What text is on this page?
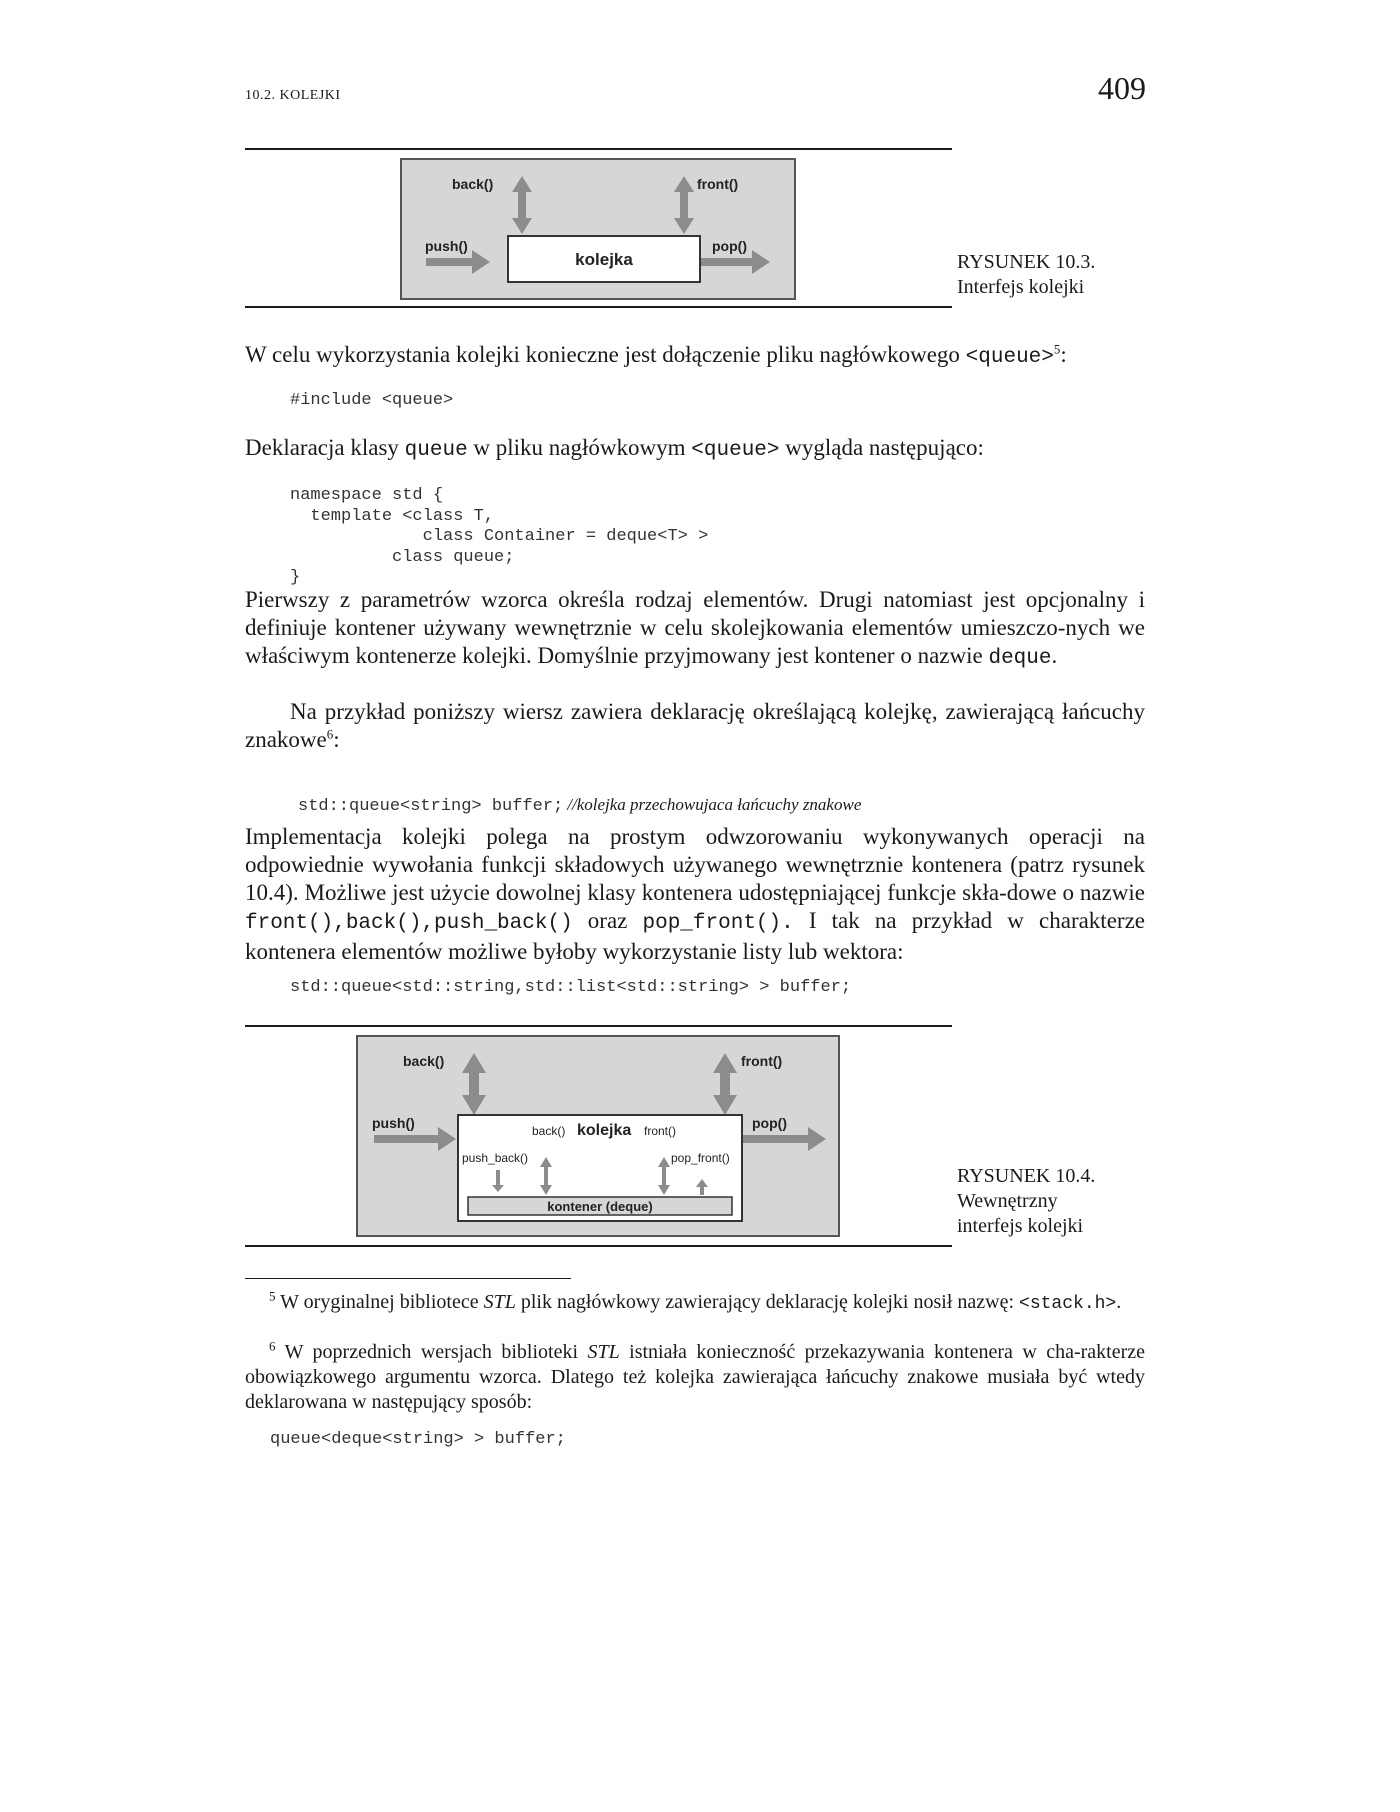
10.2. KOLEJKI	409
back()	front()
push()	pop()
kolejka	RYSUNEK 10.3.
Interfejs kolejki
W celu wykorzystania kolejki konieczne jest dołączenie pliku nagłówkowego <queue>$^5$:
#include <queue>
Deklaracja klasy queue w pliku nagłówkowym <queue> wygląda następująco:
namespace std {
template <class T,
class Container = deque<T> >
class queue;
}
Pierwszy z parametrów wzorca określa rodzaj elementów. Drugi natomiast jest opcjonalny i definiuje kontener używany wewnętrznie w celu skolejkowania elementów umieszczo-nych we właściwym kontenerze kolejki. Domyślnie przyjmowany jest kontener o nazwie deque.
Na przykład poniższy wiersz zawiera deklarację określającą kolejkę, zawierającą łańcuchy znakowe$^6$:

std::queue<string> buffer; //kolejka przechowujaca łańcuchy znakowe

Implementacja kolejki polega na prostym odwzorowaniu wykonywanych operacji na odpowiednie wywołania funkcji składowych używanego wewnętrznie kontenera (patrz rysunek 10.4). Możliwe jest użycie dowolnej klasy kontenera udostępniającej funkcje skła-dowe o nazwie front(),back(),push_back() oraz pop_front(). I tak na przykład w charakterze kontenera elementów możliwe byłoby wykorzystanie listy lub wektora:
std::queue<std::string,std::list<std::string> > buffer;
back()	front()
push()	pop()
back() kolejka front()
push_back()	pop_front()
kontener (deque)
RYSUNEK 10.4.
Wewnętrzny
interfejs kolejki
$^5$ W oryginalnej bibliotece STL plik nagłówkowy zawierający deklarację kolejki nosił nazwę: <stack.h>.
$^6$ W poprzednich wersjach biblioteki STL istniała konieczność przekazywania kontenera w cha-rakterze obowiązkowego argumentu wzorca. Dlatego też kolejka zawierająca łańcuchy znakowe musiała być wtedy deklarowana w następujący sposób:
queue<deque<string> > buffer;
